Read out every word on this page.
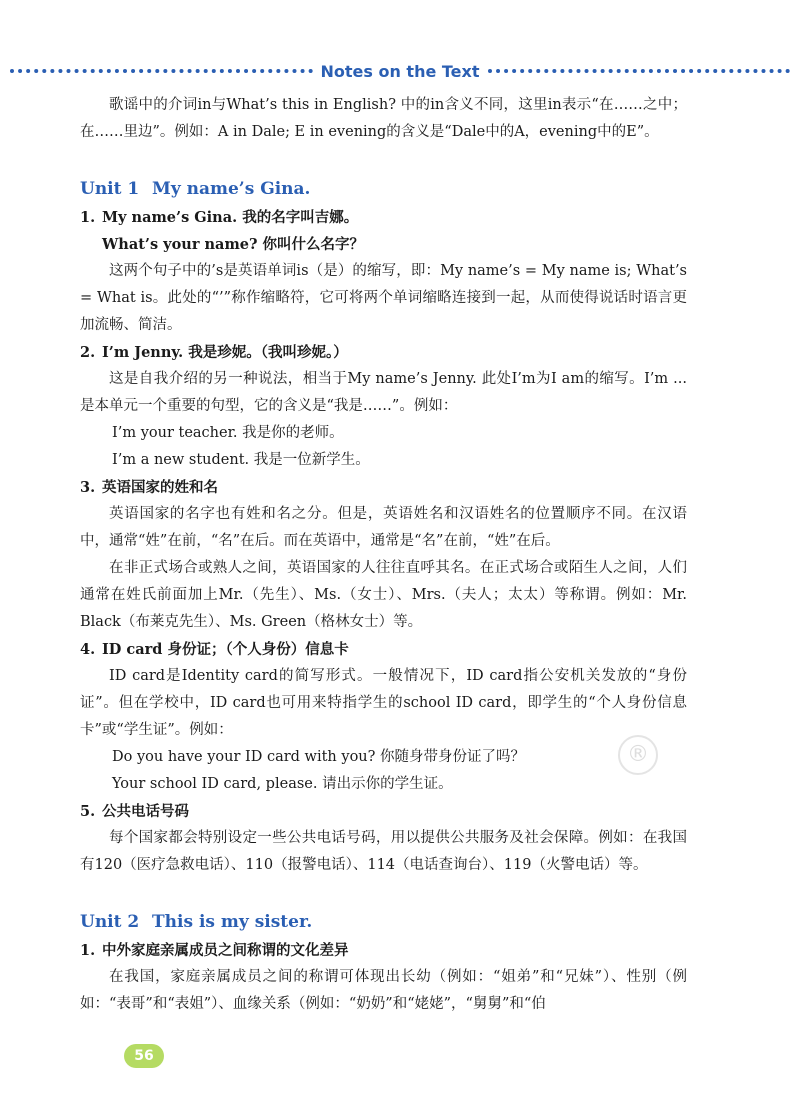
Notes on the Text
®

歌谣中的介词in与What’s this in English? 中的in含义不同，这里in表示“在……之中；在……里边”。例如：A in Dale; E in evening的含义是“Dale中的A，evening中的E”。

Unit 1 My name’s Gina.

1. My name’s Gina. 我的名字叫吉娜。

What’s your name? 你叫什么名字？

这两个句子中的’s是英语单词is（是）的缩写，即：My name’s = My name is; What’s = What is。此处的“’”称作缩略符，它可将两个单词缩略连接到一起，从而使得说话时语言更加流畅、简洁。

2. I’m Jenny. 我是珍妮。（我叫珍妮。）

这是自我介绍的另一种说法，相当于My name’s Jenny. 此处I’m为I am的缩写。I’m ... 是本单元一个重要的句型，它的含义是“我是……”。例如：

I’m your teacher. 我是你的老师。

I’m a new student. 我是一位新学生。

3. 英语国家的姓和名

英语国家的名字也有姓和名之分。但是，英语姓名和汉语姓名的位置顺序不同。在汉语中，通常“姓”在前，“名”在后。而在英语中，通常是“名”在前，“姓”在后。

在非正式场合或熟人之间，英语国家的人往往直呼其名。在正式场合或陌生人之间，人们通常在姓氏前面加上Mr.（先生）、Ms.（女士）、Mrs.（夫人；太太）等称谓。例如：Mr. Black（布莱克先生）、Ms. Green（格林女士）等。

4. ID card 身份证；（个人身份）信息卡

ID card是Identity card的简写形式。一般情况下，ID card指公安机关发放的“身份证”。但在学校中，ID card也可用来特指学生的school ID card，即学生的“个人身份信息卡”或“学生证”。例如：

Do you have your ID card with you? 你随身带身份证了吗？

Your school ID card, please. 请出示你的学生证。

5. 公共电话号码

每个国家都会特别设定一些公共电话号码，用以提供公共服务及社会保障。例如：在我国有120（医疗急救电话）、110（报警电话）、114（电话查询台）、119（火警电话）等。

Unit 2 This is my sister.

1. 中外家庭亲属成员之间称谓的文化差异

在我国，家庭亲属成员之间的称谓可体现出长幼（例如：“姐弟”和“兄妹”）、性别（例如：“表哥”和“表姐”）、血缘关系（例如：“奶奶”和“姥姥”，“舅舅”和“伯

56
